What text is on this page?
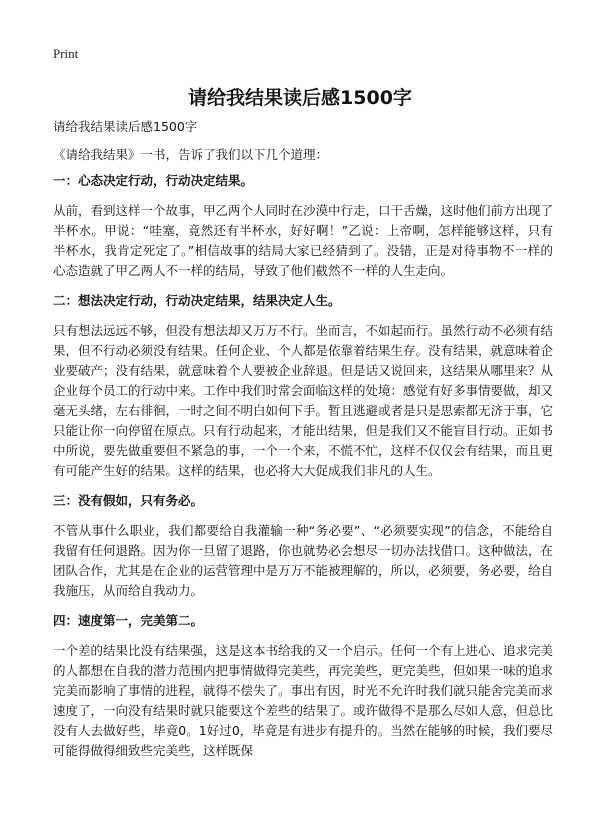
Print
请给我结果读后感1500字

请给我结果读后感1500字

《请给我结果》一书，告诉了我们以下几个道理：

一：心态决定行动，行动决定结果。

从前，看到这样一个故事，甲乙两个人同时在沙漠中行走，口干舌燥，这时他们前方出现了半杯水。甲说：“哇塞，竟然还有半杯水，好好啊！”乙说：上帝啊，怎样能够这样，只有半杯水，我肯定死定了。”相信故事的结局大家已经猜到了。没错，正是对待事物不一样的心态造就了甲乙两人不一样的结局，导致了他们截然不一样的人生走向。

二：想法决定行动，行动决定结果，结果决定人生。

只有想法远远不够，但没有想法却又万万不行。坐而言，不如起而行。虽然行动不必须有结果，但不行动必须没有结果。任何企业、个人都是依靠着结果生存。没有结果，就意味着企业要破产；没有结果，就意味着个人要被企业辞退。但是话又说回来，这结果从哪里来？从企业每个员工的行动中来。工作中我们时常会面临这样的处境：感觉有好多事情要做，却又毫无头绪，左右徘徊，一时之间不明白如何下手。暂且逃避或者是只是思索都无济于事，它只能让你一向停留在原点。只有行动起来，才能出结果，但是我们又不能盲目行动。正如书中所说，要先做重要但不紧急的事，一个一个来，不慌不忙，这样不仅仅会有结果，而且更有可能产生好的结果。这样的结果，也必将大大促成我们非凡的人生。

三：没有假如，只有务必。

不管从事什么职业，我们都要给自我灌输一种“务必要”、“必须要实现”的信念，不能给自我留有任何退路。因为你一旦留了退路，你也就势必会想尽一切办法找借口。这种做法，在团队合作，尤其是在企业的运营管理中是万万不能被理解的，所以，必须要，务必要，给自我施压，从而给自我动力。

四：速度第一，完美第二。

一个差的结果比没有结果强，这是这本书给我的又一个启示。任何一个有上进心、追求完美的人都想在自我的潜力范围内把事情做得完美些，再完美些，更完美些，但如果一味的追求完美而影响了事情的进程，就得不偿失了。事出有因，时光不允许时我们就只能舍完美而求速度了，一向没有结果时就只能要这个差些的结果了。或许做得不是那么尽如人意，但总比没有人去做好些，毕竟0。1好过0，毕竟是有进步有提升的。当然在能够的时候，我们要尽可能得做得细致些完美些，这样既保
